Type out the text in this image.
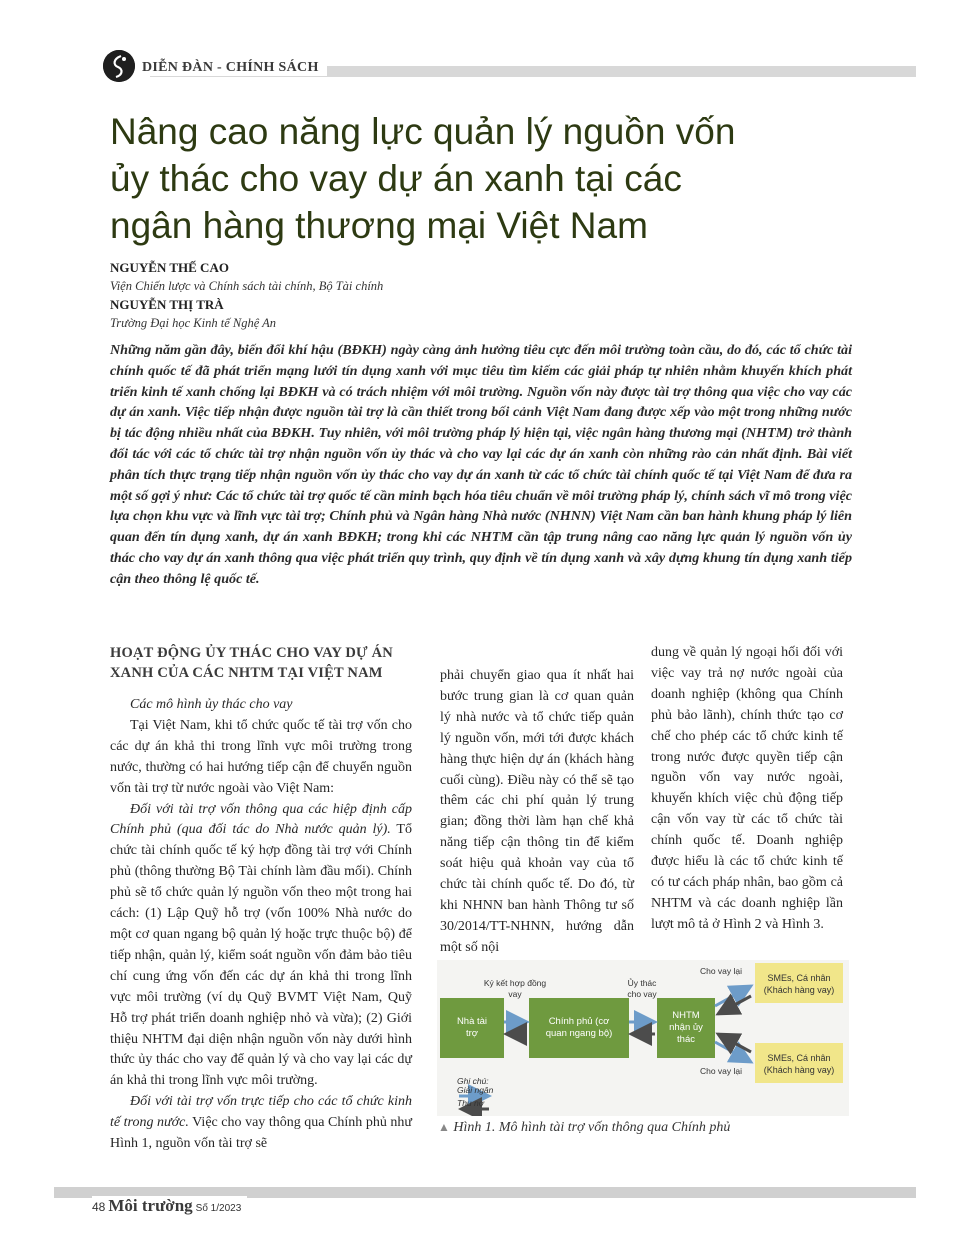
DIỄN ĐÀN - CHÍNH SÁCH
Nâng cao năng lực quản lý nguồn vốn
ủy thác cho vay dự án xanh tại các
ngân hàng thương mại Việt Nam
NGUYỄN THẾ CAO
Viện Chiến lược và Chính sách tài chính, Bộ Tài chính
NGUYỄN THỊ TRÀ
Trường Đại học Kinh tế Nghệ An
Những năm gần đây, biến đổi khí hậu (BĐKH) ngày càng ảnh hưởng tiêu cực đến môi trường toàn cầu, do đó, các tổ chức tài chính quốc tế đã phát triển mạng lưới tín dụng xanh với mục tiêu tìm kiếm các giải pháp tự nhiên nhằm khuyến khích phát triển kinh tế xanh chống lại BĐKH và có trách nhiệm với môi trường. Nguồn vốn này được tài trợ thông qua việc cho vay các dự án xanh. Việc tiếp nhận được nguồn tài trợ là cần thiết trong bối cảnh Việt Nam đang được xếp vào một trong những nước bị tác động nhiều nhất của BĐKH. Tuy nhiên, với môi trường pháp lý hiện tại, việc ngân hàng thương mại (NHTM) trở thành đối tác với các tổ chức tài trợ nhận nguồn vốn ủy thác và cho vay lại các dự án xanh còn những rào cản nhất định. Bài viết phân tích thực trạng tiếp nhận nguồn vốn ủy thác cho vay dự án xanh từ các tổ chức tài chính quốc tế tại Việt Nam để đưa ra một số gợi ý như: Các tổ chức tài trợ quốc tế cần minh bạch hóa tiêu chuẩn về môi trường pháp lý, chính sách vĩ mô trong việc lựa chọn khu vực và lĩnh vực tài trợ; Chính phủ và Ngân hàng Nhà nước (NHNN) Việt Nam cần ban hành khung pháp lý liên quan đến tín dụng xanh, dự án xanh BĐKH; trong khi các NHTM cần tập trung nâng cao năng lực quản lý nguồn vốn ủy thác cho vay dự án xanh thông qua việc phát triển quy trình, quy định về tín dụng xanh và xây dựng khung tín dụng xanh tiếp cận theo thông lệ quốc tế.
HOẠT ĐỘNG ỦY THÁC CHO VAY DỰ ÁN
XANH CỦA CÁC NHTM TẠI VIỆT NAM

Các mô hình ủy thác cho vay

Tại Việt Nam, khi tổ chức quốc tế tài trợ vốn cho các dự án khả thi trong lĩnh vực môi trường trong nước, thường có hai hướng tiếp cận để chuyển nguồn vốn tài trợ từ nước ngoài vào Việt Nam:

Đối với tài trợ vốn thông qua các hiệp định cấp Chính phủ (qua đối tác do Nhà nước quản lý). Tổ chức tài chính quốc tế ký hợp đồng tài trợ với Chính phủ (thông thường Bộ Tài chính làm đầu mối). Chính phủ sẽ tổ chức quản lý nguồn vốn theo một trong hai cách: (1) Lập Quỹ hỗ trợ (vốn 100% Nhà nước do một cơ quan ngang bộ quản lý hoặc trực thuộc bộ) để tiếp nhận, quản lý, kiểm soát nguồn vốn đảm bảo tiêu chí cung ứng vốn đến các dự án khả thi trong lĩnh vực môi trường (ví dụ Quỹ BVMT Việt Nam, Quỹ Hỗ trợ phát triển doanh nghiệp nhỏ và vừa); (2) Giới thiệu NHTM đại diện nhận nguồn vốn này dưới hình thức ủy thác cho vay để quản lý và cho vay lại các dự án khả thi trong lĩnh vực môi trường.

Đối với tài trợ vốn trực tiếp cho các tổ chức kinh tế trong nước. Việc cho vay thông qua Chính phủ như Hình 1, nguồn vốn tài trợ sẽ

phải chuyển giao qua ít nhất hai bước trung gian là cơ quan quản lý nhà nước và tổ chức tiếp quản lý nguồn vốn, mới tới được khách hàng thực hiện dự án (khách hàng cuối cùng). Điều này có thể sẽ tạo thêm các chi phí quản lý trung gian; đồng thời làm hạn chế khả năng tiếp cận thông tin để kiểm soát hiệu quả khoản vay của tổ chức tài chính quốc tế. Do đó, từ khi NHNN ban hành Thông tư số 30/2014/TT-NHNN, hướng dẫn một số nội

dung về quản lý ngoại hối đối với việc vay trả nợ nước ngoài của doanh nghiệp (không qua Chính phủ bảo lãnh), chính thức tạo cơ chế cho phép các tổ chức kinh tế trong nước được quyền tiếp cận nguồn vốn vay nước ngoài, khuyến khích việc chủ động tiếp cận vốn vay từ các tổ chức tài chính quốc tế. Doanh nghiệp được hiểu là các tổ chức kinh tế có tư cách pháp nhân, bao gồm cả NHTM và các doanh nghiệp lần lượt mô tả ở Hình 2 và Hình 3.

Nhà tài
trợ
Chính phủ (cơ
quan ngang bộ)
NHTM
nhận ủy
thác
SMEs, Cá nhân
(Khách hàng vay)
SMEs, Cá nhân
(Khách hàng vay)
Ký kết hợp đồng
vay
Ủy thác
cho vay
Cho vay lại
Cho vay lại
Ghi chú:
Giải ngân
Thu nợ
▲ Hình 1. Mô hình tài trợ vốn thông qua Chính phủ
48 Môi trường Số 1/2023
